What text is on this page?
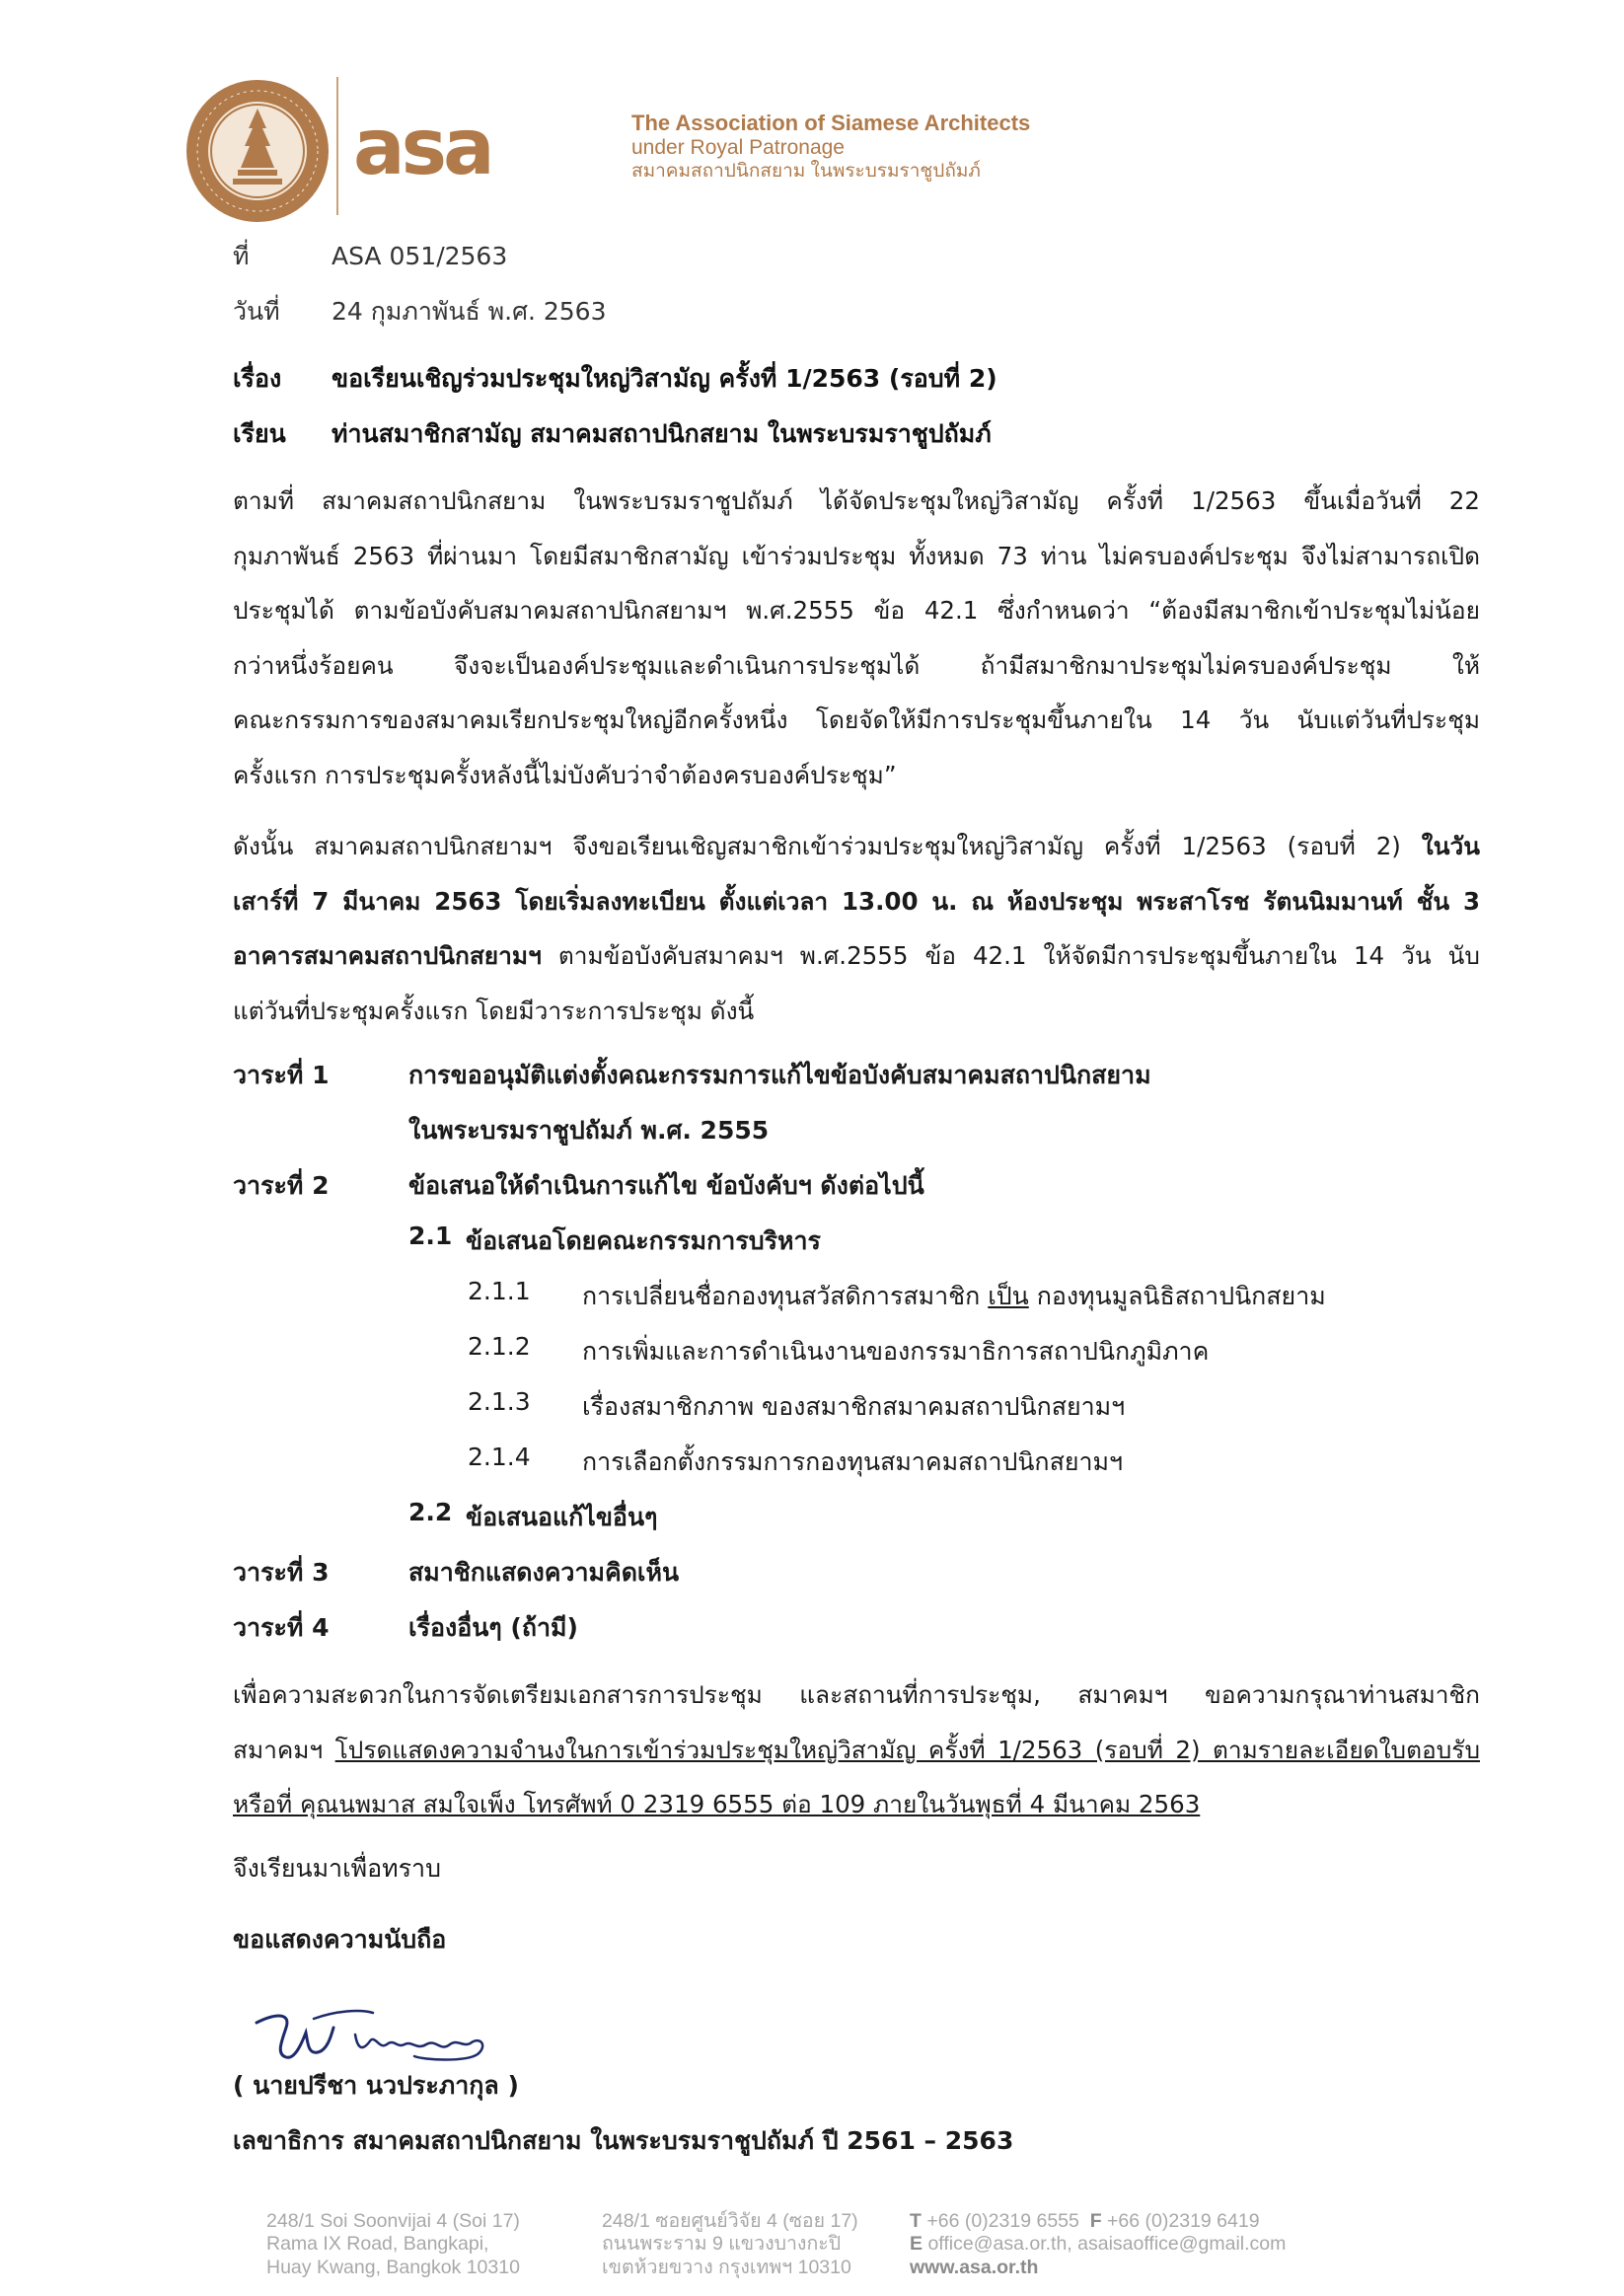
asa	The Association of Siamese Architects
under Royal Patronage
สมาคมสถาปนิกสยาม ในพระบรมราชูปถัมภ์
ที่	ASA 051/2563
วันที่ 24 กุมภาพันธ์ พ.ศ. 2563
เรื่อง ขอเรียนเชิญร่วมประชุมใหญ่วิสามัญ ครั้งที่ 1/2563 (รอบที่ 2)
เรียน ท่านสมาชิกสามัญ สมาคมสถาปนิกสยาม ในพระบรมราชูปถัมภ์
ตามที่ สมาคมสถาปนิกสยาม ในพระบรมราชูปถัมภ์ ได้จัดประชุมใหญ่วิสามัญ ครั้งที่ 1/2563 ขึ้นเมื่อวันที่ 22
กุมภาพันธ์ 2563 ที่ผ่านมา โดยมีสมาชิกสามัญ เข้าร่วมประชุม ทั้งหมด 73 ท่าน ไม่ครบองค์ประชุม จึงไม่สามารถเปิด
ประชุมได้ ตามข้อบังคับสมาคมสถาปนิกสยามฯ พ.ศ.2555 ข้อ 42.1 ซึ่งกำหนดว่า “ต้องมีสมาชิกเข้าประชุมไม่น้อย
กว่าหนึ่งร้อยคน จึงจะเป็นองค์ประชุมและดำเนินการประชุมได้ ถ้ามีสมาชิกมาประชุมไม่ครบองค์ประชุม ให้
คณะกรรมการของสมาคมเรียกประชุมใหญ่อีกครั้งหนึ่ง โดยจัดให้มีการประชุมขึ้นภายใน 14 วัน นับแต่วันที่ประชุม
ครั้งแรก การประชุมครั้งหลังนี้ไม่บังคับว่าจำต้องครบองค์ประชุม”
ดังนั้น สมาคมสถาปนิกสยามฯ จึงขอเรียนเชิญสมาชิกเข้าร่วมประชุมใหญ่วิสามัญ ครั้งที่ 1/2563 (รอบที่ 2) ในวัน
เสาร์ที่ 7 มีนาคม 2563 โดยเริ่มลงทะเบียน ตั้งแต่เวลา 13.00 น. ณ ห้องประชุม พระสาโรช รัตนนิมมานท์ ชั้น 3
อาคารสมาคมสถาปนิกสยามฯ ตามข้อบังคับสมาคมฯ พ.ศ.2555 ข้อ 42.1 ให้จัดมีการประชุมขึ้นภายใน 14 วัน นับ
แต่วันที่ประชุมครั้งแรก โดยมีวาระการประชุม ดังนี้
วาระที่ 1	การขออนุมัติแต่งตั้งคณะกรรมการแก้ไขข้อบังคับสมาคมสถาปนิกสยาม
ในพระบรมราชูปถัมภ์ พ.ศ. 2555
วาระที่ 2	ข้อเสนอให้ดำเนินการแก้ไข ข้อบังคับฯ ดังต่อไปนี้
2.1 ข้อเสนอโดยคณะกรรมการบริหาร
2.1.1 การเปลี่ยนชื่อกองทุนสวัสดิการสมาชิก เป็น กองทุนมูลนิธิสถาปนิกสยาม
2.1.2 การเพิ่มและการดำเนินงานของกรรมาธิการสถาปนิกภูมิภาค
2.1.3 เรื่องสมาชิกภาพ ของสมาชิกสมาคมสถาปนิกสยามฯ
2.1.4 การเลือกตั้งกรรมการกองทุนสมาคมสถาปนิกสยามฯ
2.2 ข้อเสนอแก้ไขอื่นๆ
วาระที่ 3	สมาชิกแสดงความคิดเห็น
วาระที่ 4	เรื่องอื่นๆ (ถ้ามี)
เพื่อความสะดวกในการจัดเตรียมเอกสารการประชุม และสถานที่การประชุม, สมาคมฯ ขอความกรุณาท่านสมาชิก
สมาคมฯ โปรดแสดงความจำนงในการเข้าร่วมประชุมใหญ่วิสามัญ ครั้งที่ 1/2563 (รอบที่ 2) ตามรายละเอียดใบตอบรับ
หรือที่ คุณนพมาส สมใจเพ็ง โทรศัพท์ 0 2319 6555 ต่อ 109 ภายในวันพุธที่ 4 มีนาคม 2563
จึงเรียนมาเพื่อทราบ
ขอแสดงความนับถือ
( นายปรีชา นวประภากุล )
เลขาธิการ สมาคมสถาปนิกสยาม ในพระบรมราชูปถัมภ์ ปี 2561 – 2563
248/1 Soi Soonvijai 4 (Soi 17)
Rama IX Road, Bangkapi,
Huay Kwang, Bangkok 10310
248/1 ซอยศูนย์วิจัย 4 (ซอย 17)
ถนนพระราม 9 แขวงบางกะปิ
เขตห้วยขวาง กรุงเทพฯ 10310
T +66 (0)2319 6555 F +66 (0)2319 6419
E office@asa.or.th, asaisaoffice@gmail.com
www.asa.or.th
